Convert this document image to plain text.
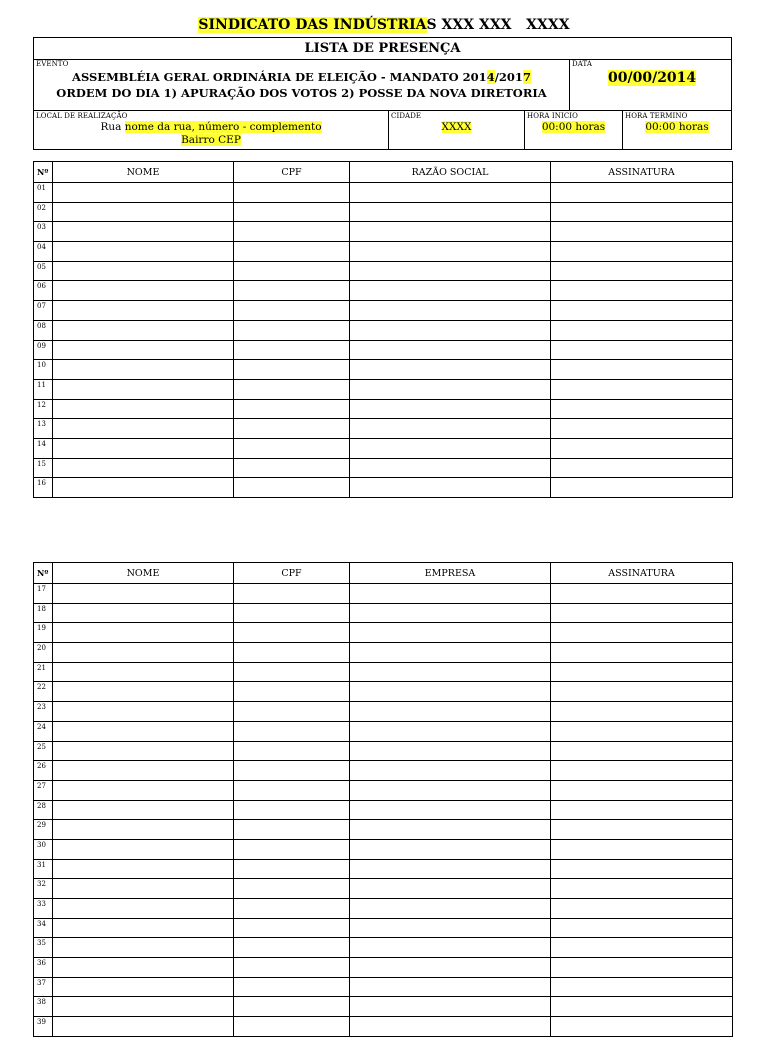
SINDICATO DAS INDÚSTRIAS XXX XXX   XXXX
LISTA DE PRESENÇA
EVENTO
ASSEMBLÉIA GERAL ORDINÁRIA DE ELEIÇÃO - MANDATO 2014/2017
ORDEM DO DIA 1) APURAÇÃO DOS VOTOS 2) POSSE DA NOVA DIRETORIA
DATA
00/00/2014
LOCAL DE REALIZAÇÃO
Rua nome da rua, número - complemento
Bairro CEP
CIDADE
XXXX
HORA INICIO
00:00 horas
HORA TERMINO
00:00 horas
Nº	NOME	CPF	RAZÃO SOCIAL	ASSINATURA
01				
02				
03				
04				
05				
06				
07				
08				
09				
10				
11				
12				
13				
14				
15				
16				
Nº	NOME	CPF	EMPRESA	ASSINATURA
17				
18				
19				
20				
21				
22				
23				
24				
25				
26				
27				
28				
29				
30				
31				
32				
33				
34				
35				
36				
37				
38				
39				
